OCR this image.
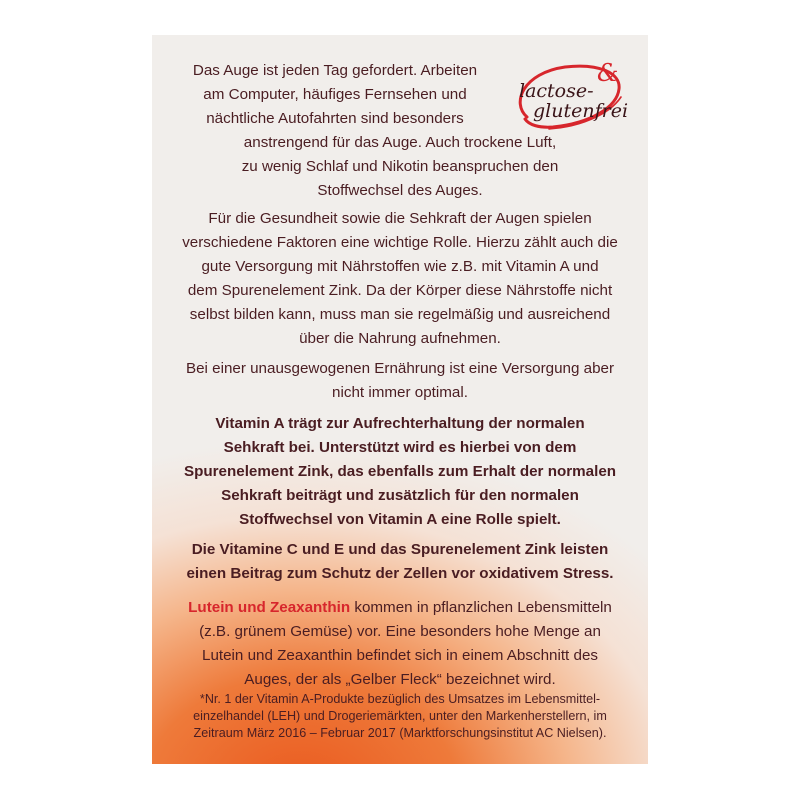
&
lactose-
glutenfrei

Das Auge ist jeden Tag gefordert. Arbeiten

am Computer, häufiges Fernsehen und

nächtliche Autofahrten sind besonders

anstrengend für das Auge. Auch trockene Luft,

zu wenig Schlaf und Nikotin beanspruchen den

Stoffwechsel des Auges.

Für die Gesundheit sowie die Sehkraft der Augen spielen

verschiedene Faktoren eine wichtige Rolle. Hierzu zählt auch die

gute Versorgung mit Nährstoffen wie z.B. mit Vitamin A und

dem Spurenelement Zink. Da der Körper diese Nährstoffe nicht

selbst bilden kann, muss man sie regelmäßig und ausreichend

über die Nahrung aufnehmen.

Bei einer unausgewogenen Ernährung ist eine Versorgung aber

nicht immer optimal.

Vitamin A trägt zur Aufrechterhaltung der normalen

Sehkraft bei. Unterstützt wird es hierbei von dem

Spurenelement Zink, das ebenfalls zum Erhalt der normalen

Sehkraft beiträgt und zusätzlich für den normalen

Stoffwechsel von Vitamin A eine Rolle spielt.

Die Vitamine C und E und das Spurenelement Zink leisten

einen Beitrag zum Schutz der Zellen vor oxidativem Stress.

Lutein und Zeaxanthin kommen in pflanzlichen Lebensmitteln

(z.B. grünem Gemüse) vor. Eine besonders hohe Menge an

Lutein und Zeaxanthin befindet sich in einem Abschnitt des

Auges, der als „Gelber Fleck“ bezeichnet wird.

*Nr. 1 der Vitamin A-Produkte bezüglich des Umsatzes im Lebensmittel-
einzelhandel (LEH) und Drogeriemärkten, unter den Markenherstellern, im
Zeitraum März 2016 – Februar 2017 (Marktforschungsinstitut AC Nielsen).
